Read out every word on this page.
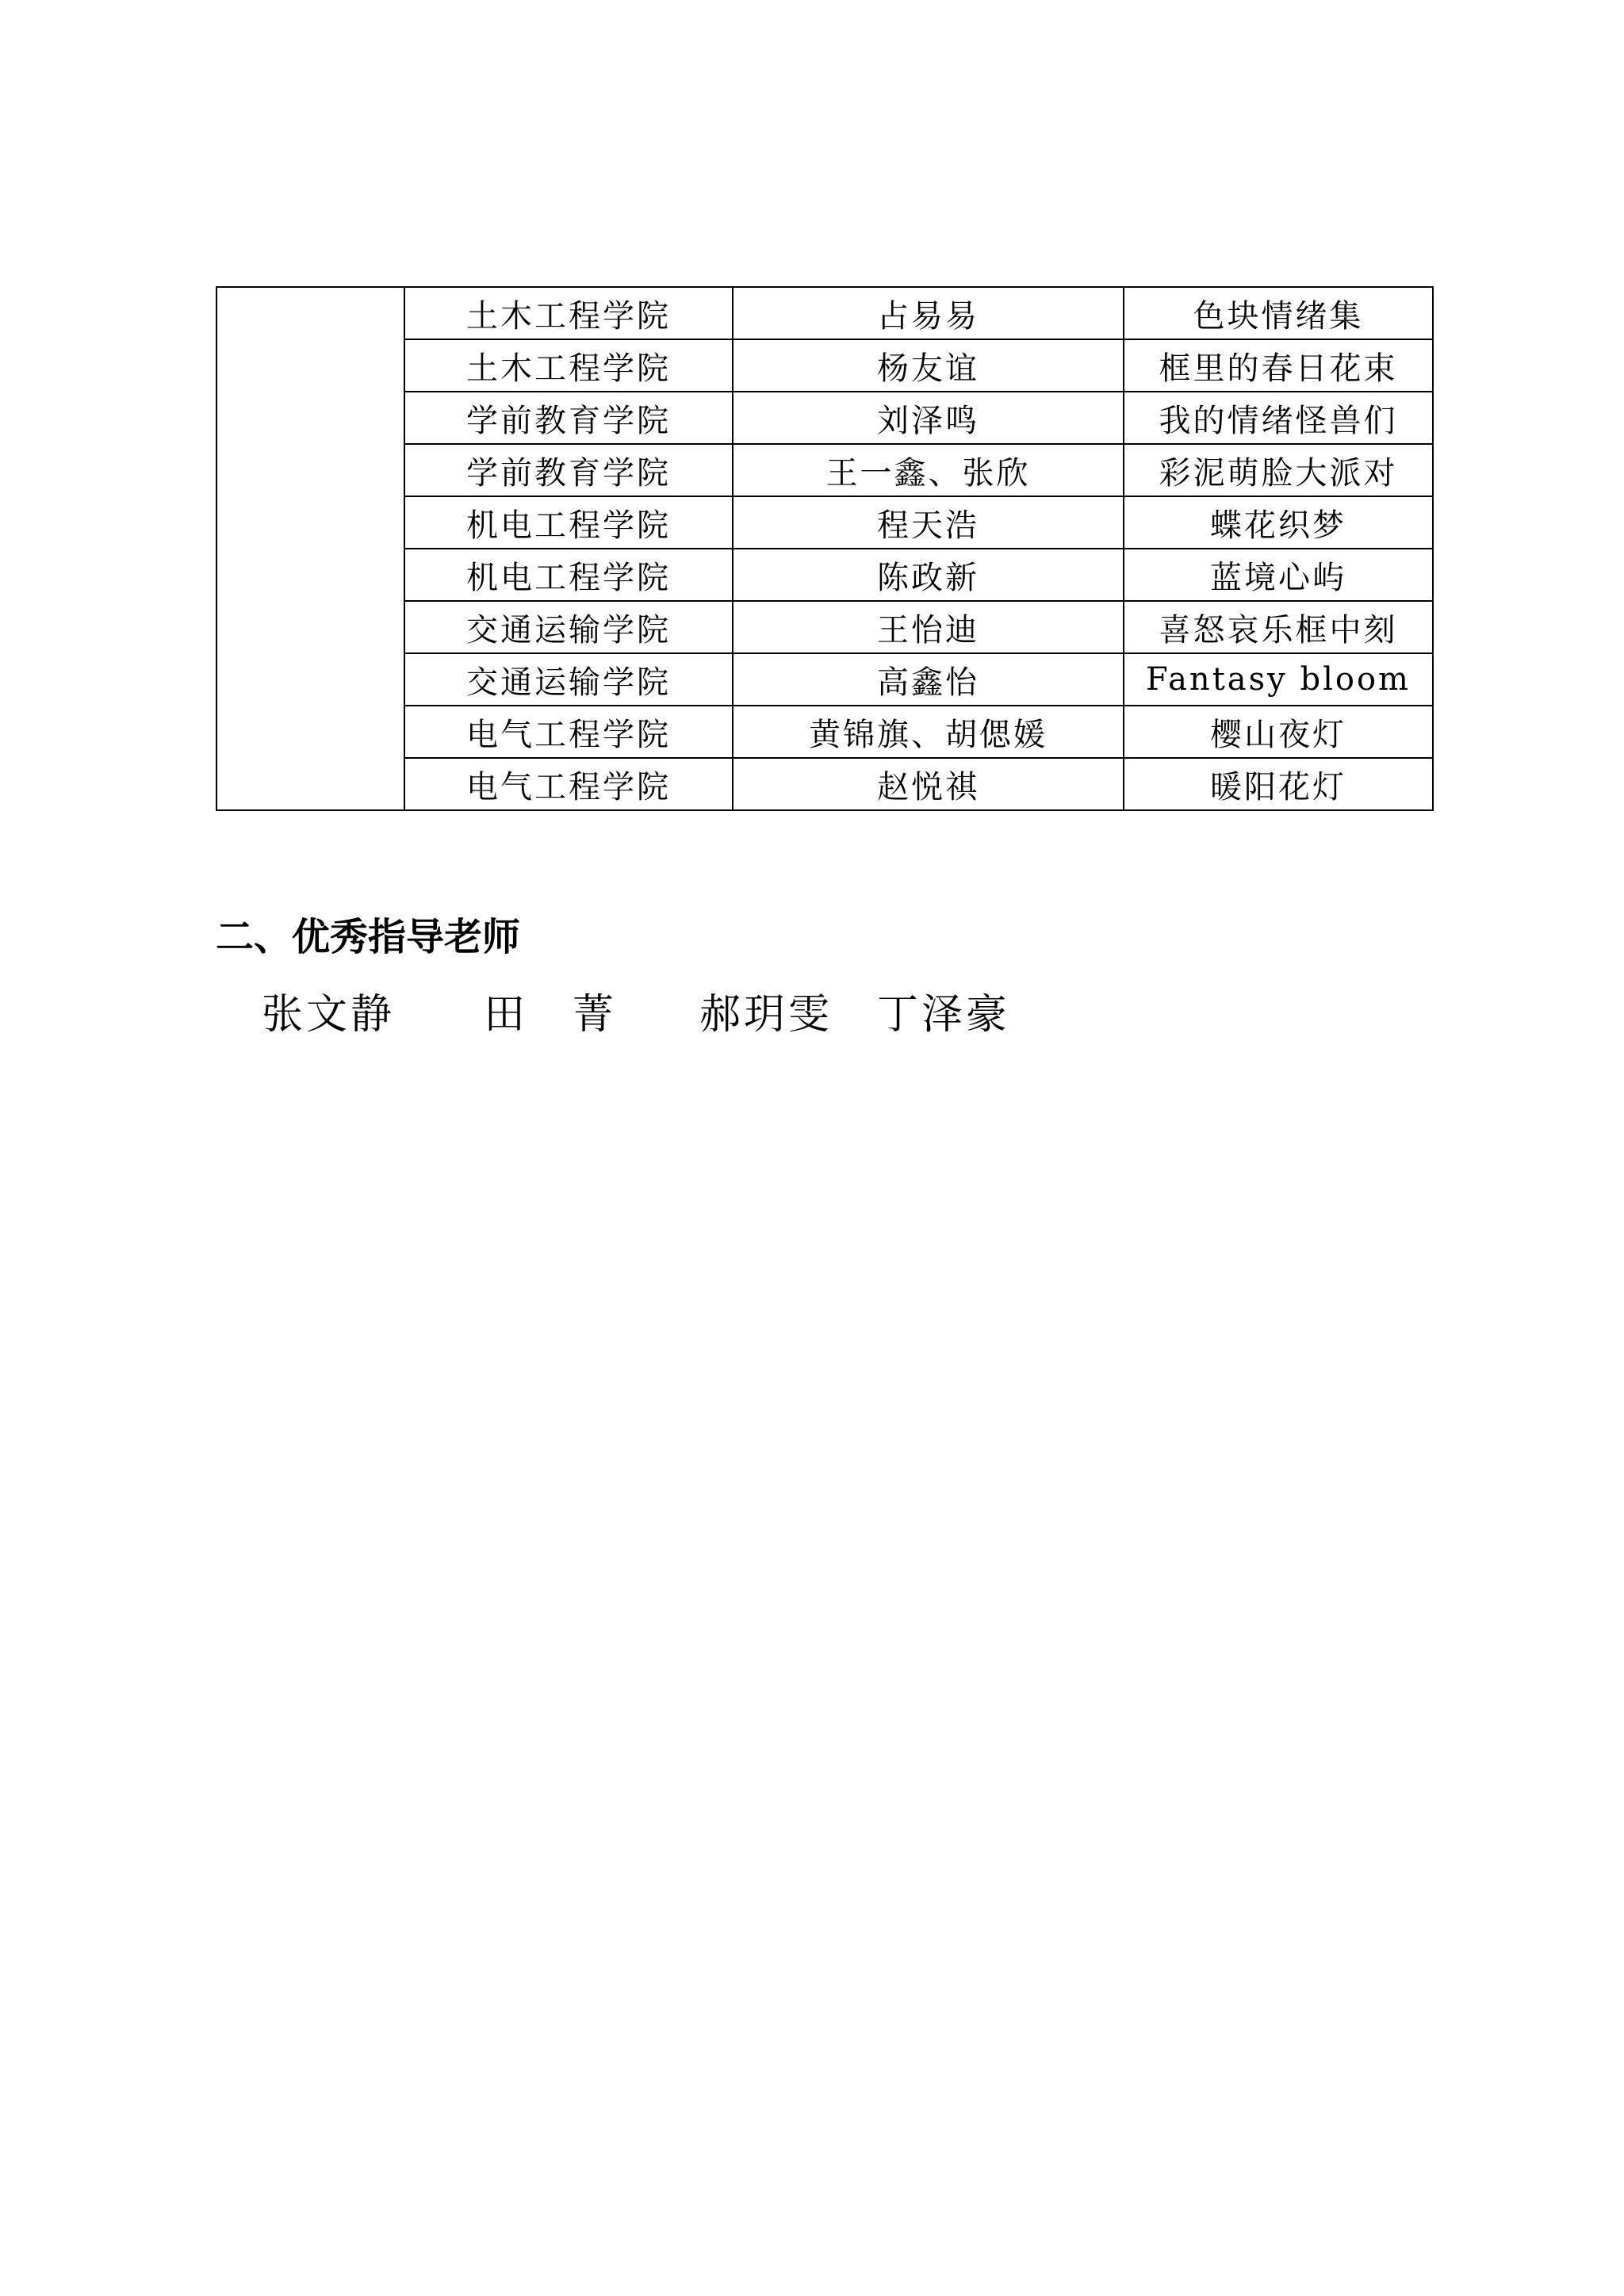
	土木工程学院	占易易	色块情绪集
	土木工程学院	杨友谊	框里的春日花束
	学前教育学院	刘泽鸣	我的情绪怪兽们
	学前教育学院	王一鑫、张欣	彩泥萌脸大派对
	机电工程学院	程天浩	蝶花织梦
	机电工程学院	陈政新	蓝境心屿
	交通运输学院	王怡迪	喜怒哀乐框中刻
	交通运输学院	高鑫怡	Fantasy bloom
	电气工程学院	黄锦旗、胡偲媛	樱山夜灯
	电气工程学院	赵悦祺	暖阳花灯
二、优秀指导老师

张文静 田菁 郝玥雯 丁泽豪
